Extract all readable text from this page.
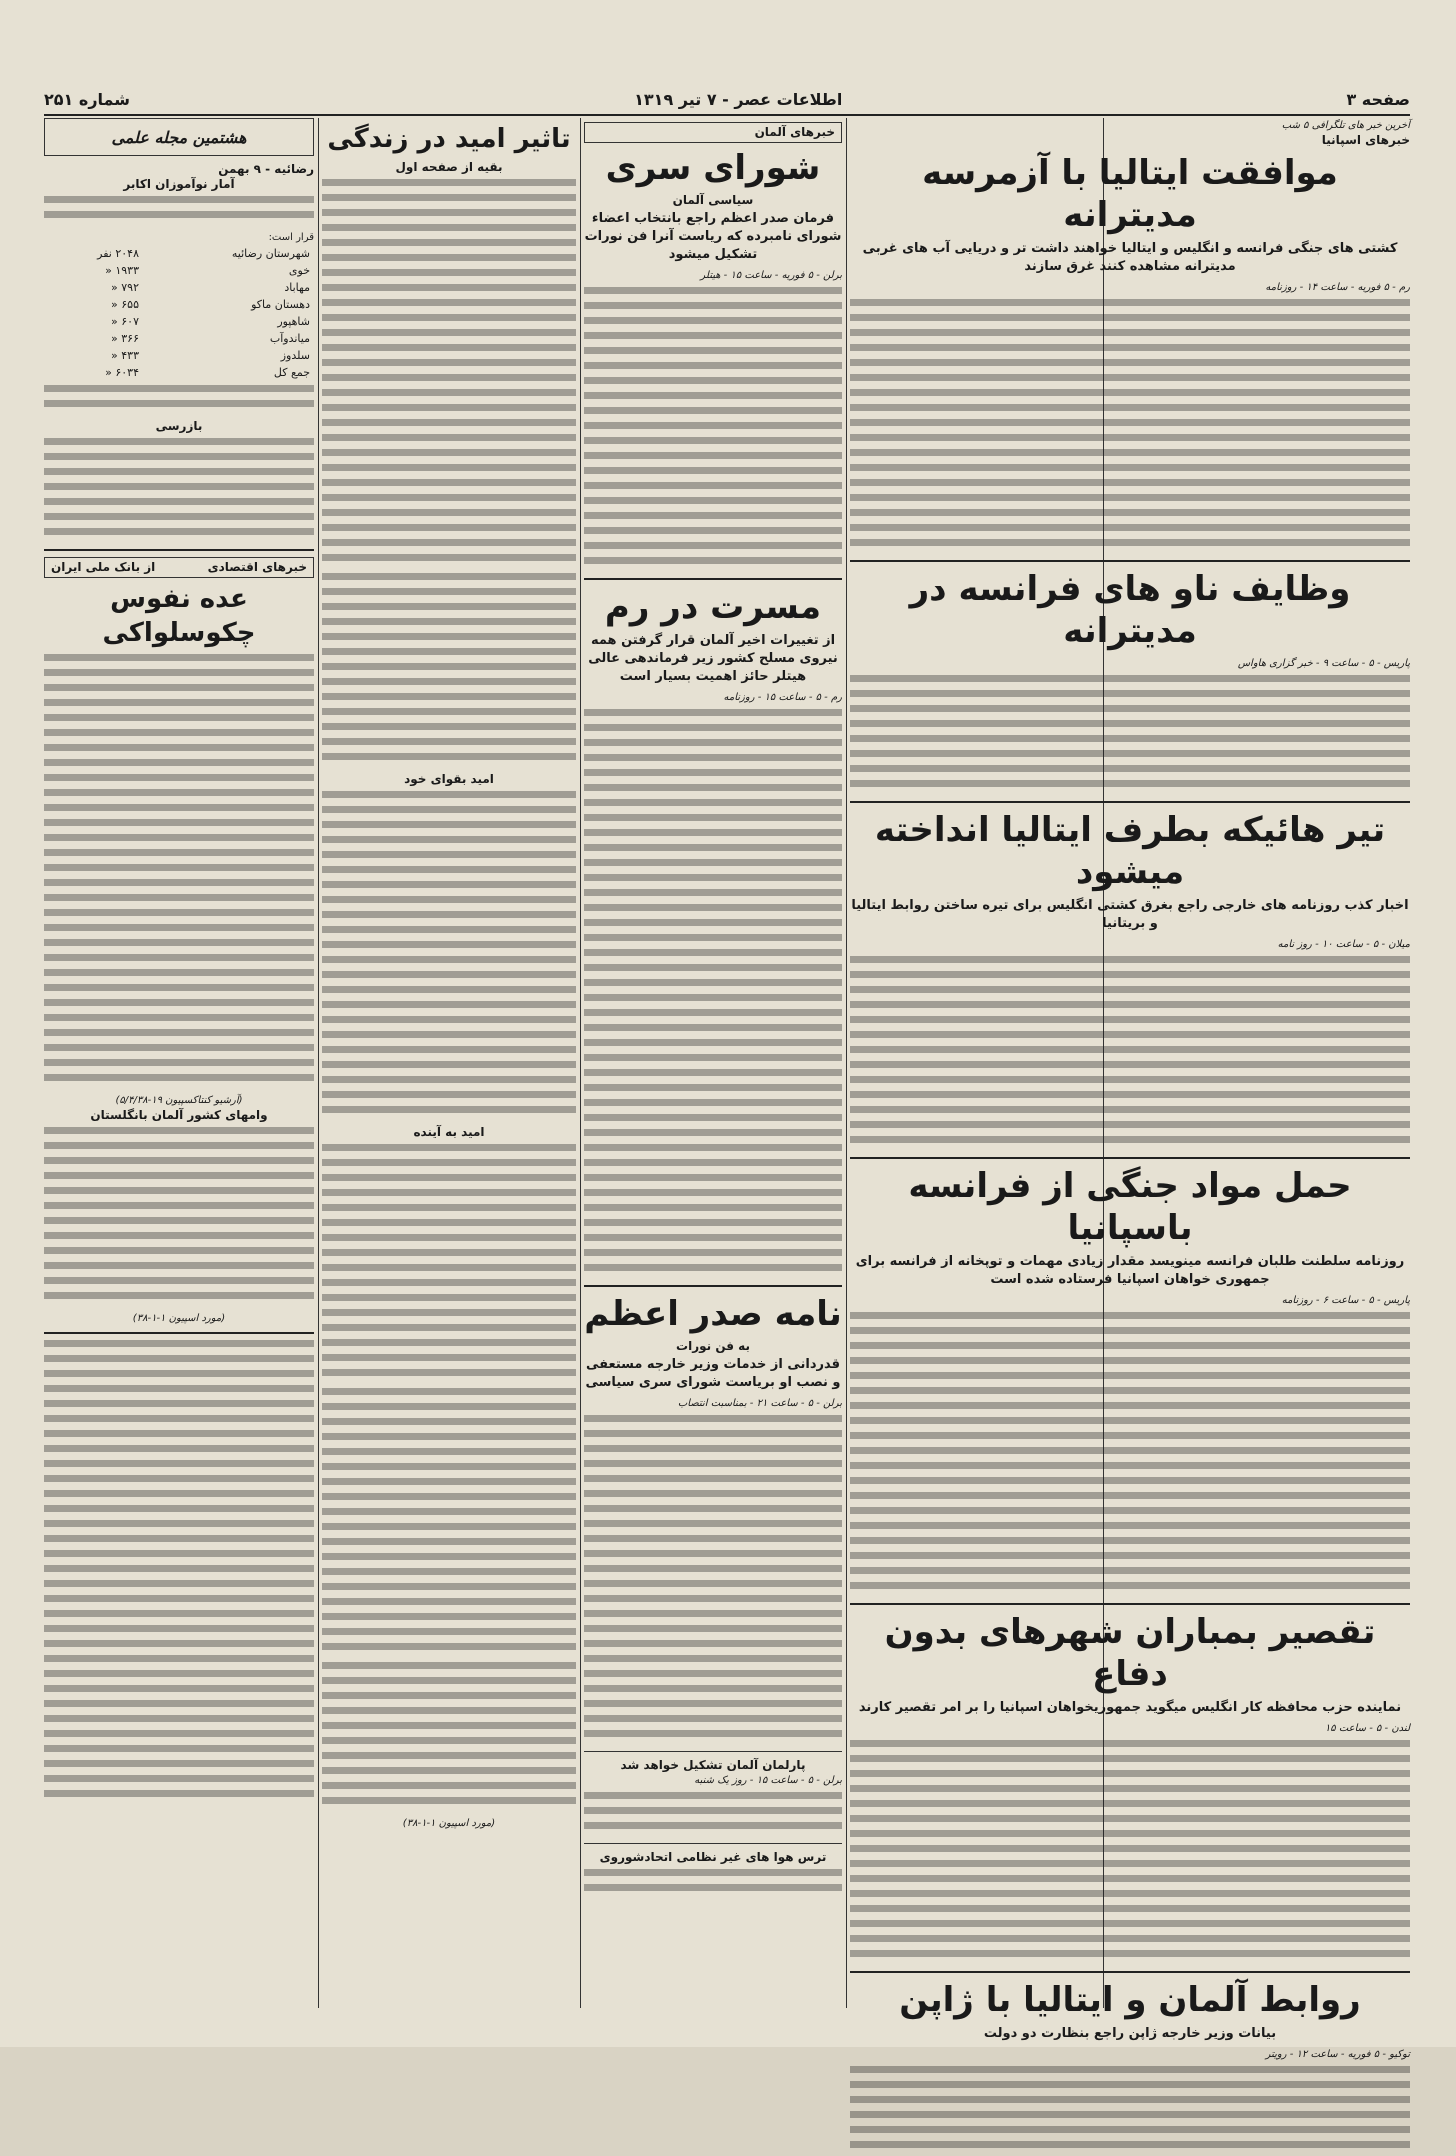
صفحه ۳
اطلاعات عصر - ۷ تیر ۱۳۱۹
شماره ۲۵۱
آخرین خبر های تلگرافی ۵ شب
خبرهای اسپانیا
موافقت ایتالیا با آزمرسه مدیترانه
کشتی های جنگی فرانسه و انگلیس و ایتالیا خواهند داشت تر و دریایی آب های غربی مدیترانه مشاهده کنند غرق سازند
رم - ۵ فوریه - ساعت ۱۴ - روزنامه
وظایف ناو های فرانسه در مدیترانه
پاریس - ۵ - ساعت ۹ - خبر گزاری هاواس
تیر هائیکه بطرف ایتالیا انداخته میشود
اخبار کذب روزنامه های خارجی راجع بغرق کشتی انگلیس برای تیره ساختن روابط ایتالیا و بریتانیا
میلان - ۵ - ساعت ۱۰ - روز نامه
حمل مواد جنگی از فرانسه باسپانیا
روزنامه سلطنت طلبان فرانسه مینویسد مقدار زیادی مهمات و توپخانه از فرانسه برای جمهوری خواهان اسپانیا فرستاده شده است
پاریس - ۵ - ساعت ۶ - روزنامه
تقصیر بمباران شهرهای بدون دفاع
نماینده حزب محافظه کار انگلیس میگوید جمهوریخواهان اسپانیا را بر امر تقصیر کارند
لندن - ۵ - ساعت ۱۵
روابط آلمان و ایتالیا با ژاپن
بیانات وزیر خارجه ژاپن راجع بنظارت دو دولت
توکیو - ۵ فوریه - ساعت ۱۲ - رویتر
خبرهای آلمان
شورای سری
سیاسی آلمان
فرمان صدر اعظم راجع بانتخاب اعضاء شورای نامبرده که ریاست آنرا فن نورات تشکیل میشود
برلن - ۵ فوریه - ساعت ۱۵ - هیتلر
مسرت در رم
از تغییرات اخیر آلمان قرار گرفتن همه نیروی مسلح کشور زیر فرماندهی عالی هیتلر حائز اهمیت بسیار است
رم - ۵ - ساعت ۱۵ - روزنامه
نامه صدر اعظم
به فن نورات
قدردانی از خدمات وزیر خارجه مستعفی و نصب او بریاست شورای سری سیاسی
برلن - ۵ - ساعت ۲۱ - بمناسبت انتصاب
پارلمان آلمان تشکیل خواهد شد
برلن - ۵ - ساعت ۱۵ - روز یک شنبه
ترس هوا های غیر نظامی اتحادشوروی
تاثیر امید در زندگی
بقیه از صفحه اول
امید بقوای خود
امید به آینده
(مورد اسپیون ۱-۱-۳۸)
هشتمین مجله علمی
رضائیه - ۹ بهمن
آمار نوآموزان اکابر
قرار است:
شهرستان رضائیه	۲۰۴۸ نفر
خوی	۱۹۳۳ «
مهاباد	۷۹۲ «
دهستان ماکو	۶۵۵ «
شاهپور	۶۰۷ «
میاندوآب	۳۶۶ «
سلدوز	۴۳۳ «
جمع کل	۶۰۳۴ «
بازرسی
خبرهای اقتصادی
از بانک ملی ایران
عده نفوس چکوسلواکی
(آرشیو کنتاکسپیون ۱۹-۵/۴/۳۸)
وامهای کشور آلمان بانگلستان
(مورد اسپیون ۱-۱-۳۸)
